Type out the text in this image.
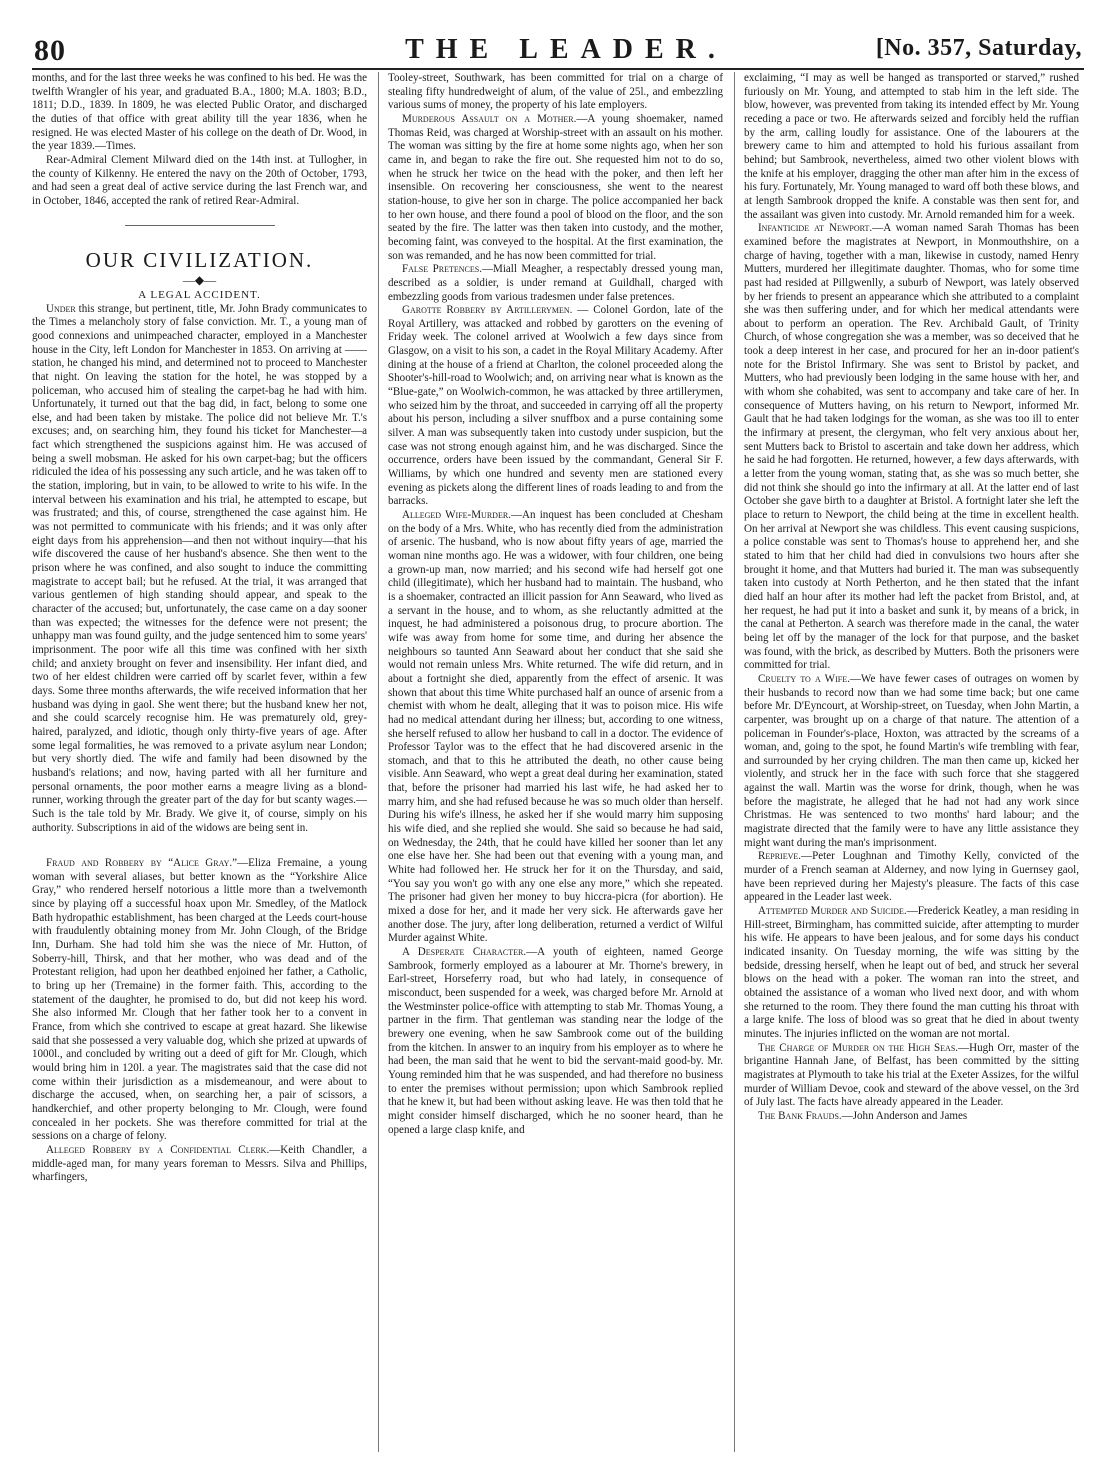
80	THE LEADER.	[No. 357, Saturday,

months, and for the last three weeks he was confined to his bed. He was the twelfth Wrangler of his year, and graduated B.A., 1800; M.A. 1803; B.D., 1811; D.D., 1839. In 1809, he was elected Public Orator, and discharged the duties of that office with great ability till the year 1836, when he resigned. He was elected Master of his college on the death of Dr. Wood, in the year 1839.—Times.

Rear-Admiral Clement Milward died on the 14th inst. at Tullogher, in the county of Kilkenny. He entered the navy on the 20th of October, 1793, and had seen a great deal of active service during the last French war, and in October, 1846, accepted the rank of retired Rear-Admiral.

OUR CIVILIZATION.
—◆—
A LEGAL ACCIDENT.

Under this strange, but pertinent, title, Mr. John Brady communicates to the Times a melancholy story of false conviction. Mr. T., a young man of good connexions and unimpeached character, employed in a Manchester house in the City, left London for Manchester in 1853. On arriving at —— station, he changed his mind, and determined not to proceed to Manchester that night. On leaving the station for the hotel, he was stopped by a policeman, who accused him of stealing the carpet-bag he had with him. Unfortunately, it turned out that the bag did, in fact, belong to some one else, and had been taken by mistake. The police did not believe Mr. T.'s excuses; and, on searching him, they found his ticket for Manchester—a fact which strengthened the suspicions against him. He was accused of being a swell mobsman. He asked for his own carpet-bag; but the officers ridiculed the idea of his possessing any such article, and he was taken off to the station, imploring, but in vain, to be allowed to write to his wife. In the interval between his examination and his trial, he attempted to escape, but was frustrated; and this, of course, strengthened the case against him. He was not permitted to communicate with his friends; and it was only after eight days from his apprehension—and then not without inquiry—that his wife discovered the cause of her husband's absence. She then went to the prison where he was confined, and also sought to induce the committing magistrate to accept bail; but he refused. At the trial, it was arranged that various gentlemen of high standing should appear, and speak to the character of the accused; but, unfortunately, the case came on a day sooner than was expected; the witnesses for the defence were not present; the unhappy man was found guilty, and the judge sentenced him to some years' imprisonment. The poor wife all this time was confined with her sixth child; and anxiety brought on fever and insensibility. Her infant died, and two of her eldest children were carried off by scarlet fever, within a few days. Some three months afterwards, the wife received information that her husband was dying in gaol. She went there; but the husband knew her not, and she could scarcely recognise him. He was prematurely old, grey-haired, paralyzed, and idiotic, though only thirty-five years of age. After some legal formalities, he was removed to a private asylum near London; but very shortly died. The wife and family had been disowned by the husband's relations; and now, having parted with all her furniture and personal ornaments, the poor mother earns a meagre living as a blond-runner, working through the greater part of the day for but scanty wages.—Such is the tale told by Mr. Brady. We give it, of course, simply on his authority. Subscriptions in aid of the widows are being sent in.

Fraud and Robbery by “Alice Gray.”—Eliza Fremaine, a young woman with several aliases, but better known as the “Yorkshire Alice Gray,” who rendered herself notorious a little more than a twelvemonth since by playing off a successful hoax upon Mr. Smedley, of the Matlock Bath hydropathic establishment, has been charged at the Leeds court-house with fraudulently obtaining money from Mr. John Clough, of the Bridge Inn, Durham. She had told him she was the niece of Mr. Hutton, of Soberry-hill, Thirsk, and that her mother, who was dead and of the Protestant religion, had upon her deathbed enjoined her father, a Catholic, to bring up her (Tremaine) in the former faith. This, according to the statement of the daughter, he promised to do, but did not keep his word. She also informed Mr. Clough that her father took her to a convent in France, from which she contrived to escape at great hazard. She likewise said that she possessed a very valuable dog, which she prized at upwards of 1000l., and concluded by writing out a deed of gift for Mr. Clough, which would bring him in 120l. a year. The magistrates said that the case did not come within their jurisdiction as a misdemeanour, and were about to discharge the accused, when, on searching her, a pair of scissors, a handkerchief, and other property belonging to Mr. Clough, were found concealed in her pockets. She was therefore committed for trial at the sessions on a charge of felony.

Alleged Robbery by a Confidential Clerk.—Keith Chandler, a middle-aged man, for many years foreman to Messrs. Silva and Phillips, wharfingers,

Tooley-street, Southwark, has been committed for trial on a charge of stealing fifty hundredweight of alum, of the value of 25l., and embezzling various sums of money, the property of his late employers.

Murderous Assault on a Mother.—A young shoemaker, named Thomas Reid, was charged at Worship-street with an assault on his mother. The woman was sitting by the fire at home some nights ago, when her son came in, and began to rake the fire out. She requested him not to do so, when he struck her twice on the head with the poker, and then left her insensible. On recovering her consciousness, she went to the nearest station-house, to give her son in charge. The police accompanied her back to her own house, and there found a pool of blood on the floor, and the son seated by the fire. The latter was then taken into custody, and the mother, becoming faint, was conveyed to the hospital. At the first examination, the son was remanded, and he has now been committed for trial.

False Pretences.—Miall Meagher, a respectably dressed young man, described as a soldier, is under remand at Guildhall, charged with embezzling goods from various tradesmen under false pretences.

Garotte Robbery by Artillerymen. — Colonel Gordon, late of the Royal Artillery, was attacked and robbed by garotters on the evening of Friday week. The colonel arrived at Woolwich a few days since from Glasgow, on a visit to his son, a cadet in the Royal Military Academy. After dining at the house of a friend at Charlton, the colonel proceeded along the Shooter's-hill-road to Woolwich; and, on arriving near what is known as the “Blue-gate,” on Woolwich-common, he was attacked by three artillerymen, who seized him by the throat, and succeeded in carrying off all the property about his person, including a silver snuffbox and a purse containing some silver. A man was subsequently taken into custody under suspicion, but the case was not strong enough against him, and he was discharged. Since the occurrence, orders have been issued by the commandant, General Sir F. Williams, by which one hundred and seventy men are stationed every evening as pickets along the different lines of roads leading to and from the barracks.

Alleged Wife-Murder.—An inquest has been concluded at Chesham on the body of a Mrs. White, who has recently died from the administration of arsenic. The husband, who is now about fifty years of age, married the woman nine months ago. He was a widower, with four children, one being a grown-up man, now married; and his second wife had herself got one child (illegitimate), which her husband had to maintain. The husband, who is a shoemaker, contracted an illicit passion for Ann Seaward, who lived as a servant in the house, and to whom, as she reluctantly admitted at the inquest, he had administered a poisonous drug, to procure abortion. The wife was away from home for some time, and during her absence the neighbours so taunted Ann Seaward about her conduct that she said she would not remain unless Mrs. White returned. The wife did return, and in about a fortnight she died, apparently from the effect of arsenic. It was shown that about this time White purchased half an ounce of arsenic from a chemist with whom he dealt, alleging that it was to poison mice. His wife had no medical attendant during her illness; but, according to one witness, she herself refused to allow her husband to call in a doctor. The evidence of Professor Taylor was to the effect that he had discovered arsenic in the stomach, and that to this he attributed the death, no other cause being visible. Ann Seaward, who wept a great deal during her examination, stated that, before the prisoner had married his last wife, he had asked her to marry him, and she had refused because he was so much older than herself. During his wife's illness, he asked her if she would marry him supposing his wife died, and she replied she would. She said so because he had said, on Wednesday, the 24th, that he could have killed her sooner than let any one else have her. She had been out that evening with a young man, and White had followed her. He struck her for it on the Thursday, and said, “You say you won't go with any one else any more,” which she repeated. The prisoner had given her money to buy hiccra-picra (for abortion). He mixed a dose for her, and it made her very sick. He afterwards gave her another dose. The jury, after long deliberation, returned a verdict of Wilful Murder against White.

A Desperate Character.—A youth of eighteen, named George Sambrook, formerly employed as a labourer at Mr. Thorne's brewery, in Earl-street, Horseferry road, but who had lately, in consequence of misconduct, been suspended for a week, was charged before Mr. Arnold at the Westminster police-office with attempting to stab Mr. Thomas Young, a partner in the firm. That gentleman was standing near the lodge of the brewery one evening, when he saw Sambrook come out of the building from the kitchen. In answer to an inquiry from his employer as to where he had been, the man said that he went to bid the servant-maid good-by. Mr. Young reminded him that he was suspended, and had therefore no business to enter the premises without permission; upon which Sambrook replied that he knew it, but had been without asking leave. He was then told that he might consider himself discharged, which he no sooner heard, than he opened a large clasp knife, and

exclaiming, “I may as well be hanged as transported or starved,” rushed furiously on Mr. Young, and attempted to stab him in the left side. The blow, however, was prevented from taking its intended effect by Mr. Young receding a pace or two. He afterwards seized and forcibly held the ruffian by the arm, calling loudly for assistance. One of the labourers at the brewery came to him and attempted to hold his furious assailant from behind; but Sambrook, nevertheless, aimed two other violent blows with the knife at his employer, dragging the other man after him in the excess of his fury. Fortunately, Mr. Young managed to ward off both these blows, and at length Sambrook dropped the knife. A constable was then sent for, and the assailant was given into custody. Mr. Arnold remanded him for a week.

Infanticide at Newport.—A woman named Sarah Thomas has been examined before the magistrates at Newport, in Monmouthshire, on a charge of having, together with a man, likewise in custody, named Henry Mutters, murdered her illegitimate daughter. Thomas, who for some time past had resided at Pillgwenlly, a suburb of Newport, was lately observed by her friends to present an appearance which she attributed to a complaint she was then suffering under, and for which her medical attendants were about to perform an operation. The Rev. Archibald Gault, of Trinity Church, of whose congregation she was a member, was so deceived that he took a deep interest in her case, and procured for her an in-door patient's note for the Bristol Infirmary. She was sent to Bristol by packet, and Mutters, who had previously been lodging in the same house with her, and with whom she cohabited, was sent to accompany and take care of her. In consequence of Mutters having, on his return to Newport, informed Mr. Gault that he had taken lodgings for the woman, as she was too ill to enter the infirmary at present, the clergyman, who felt very anxious about her, sent Mutters back to Bristol to ascertain and take down her address, which he said he had forgotten. He returned, however, a few days afterwards, with a letter from the young woman, stating that, as she was so much better, she did not think she should go into the infirmary at all. At the latter end of last October she gave birth to a daughter at Bristol. A fortnight later she left the place to return to Newport, the child being at the time in excellent health. On her arrival at Newport she was childless. This event causing suspicions, a police constable was sent to Thomas's house to apprehend her, and she stated to him that her child had died in convulsions two hours after she brought it home, and that Mutters had buried it. The man was subsequently taken into custody at North Petherton, and he then stated that the infant died half an hour after its mother had left the packet from Bristol, and, at her request, he had put it into a basket and sunk it, by means of a brick, in the canal at Petherton. A search was therefore made in the canal, the water being let off by the manager of the lock for that purpose, and the basket was found, with the brick, as described by Mutters. Both the prisoners were committed for trial.

Cruelty to a Wife.—We have fewer cases of outrages on women by their husbands to record now than we had some time back; but one came before Mr. D'Eyncourt, at Worship-street, on Tuesday, when John Martin, a carpenter, was brought up on a charge of that nature. The attention of a policeman in Founder's-place, Hoxton, was attracted by the screams of a woman, and, going to the spot, he found Martin's wife trembling with fear, and surrounded by her crying children. The man then came up, kicked her violently, and struck her in the face with such force that she staggered against the wall. Martin was the worse for drink, though, when he was before the magistrate, he alleged that he had not had any work since Christmas. He was sentenced to two months' hard labour; and the magistrate directed that the family were to have any little assistance they might want during the man's imprisonment.

Reprieve.—Peter Loughnan and Timothy Kelly, convicted of the murder of a French seaman at Alderney, and now lying in Guernsey gaol, have been reprieved during her Majesty's pleasure. The facts of this case appeared in the Leader last week.

Attempted Murder and Suicide.—Frederick Keatley, a man residing in Hill-street, Birmingham, has committed suicide, after attempting to murder his wife. He appears to have been jealous, and for some days his conduct indicated insanity. On Tuesday morning, the wife was sitting by the bedside, dressing herself, when he leapt out of bed, and struck her several blows on the head with a poker. The woman ran into the street, and obtained the assistance of a woman who lived next door, and with whom she returned to the room. They there found the man cutting his throat with a large knife. The loss of blood was so great that he died in about twenty minutes. The injuries inflicted on the woman are not mortal.

The Charge of Murder on the High Seas.—Hugh Orr, master of the brigantine Hannah Jane, of Belfast, has been committed by the sitting magistrates at Plymouth to take his trial at the Exeter Assizes, for the wilful murder of William Devoe, cook and steward of the above vessel, on the 3rd of July last. The facts have already appeared in the Leader.

The Bank Frauds.—John Anderson and James
